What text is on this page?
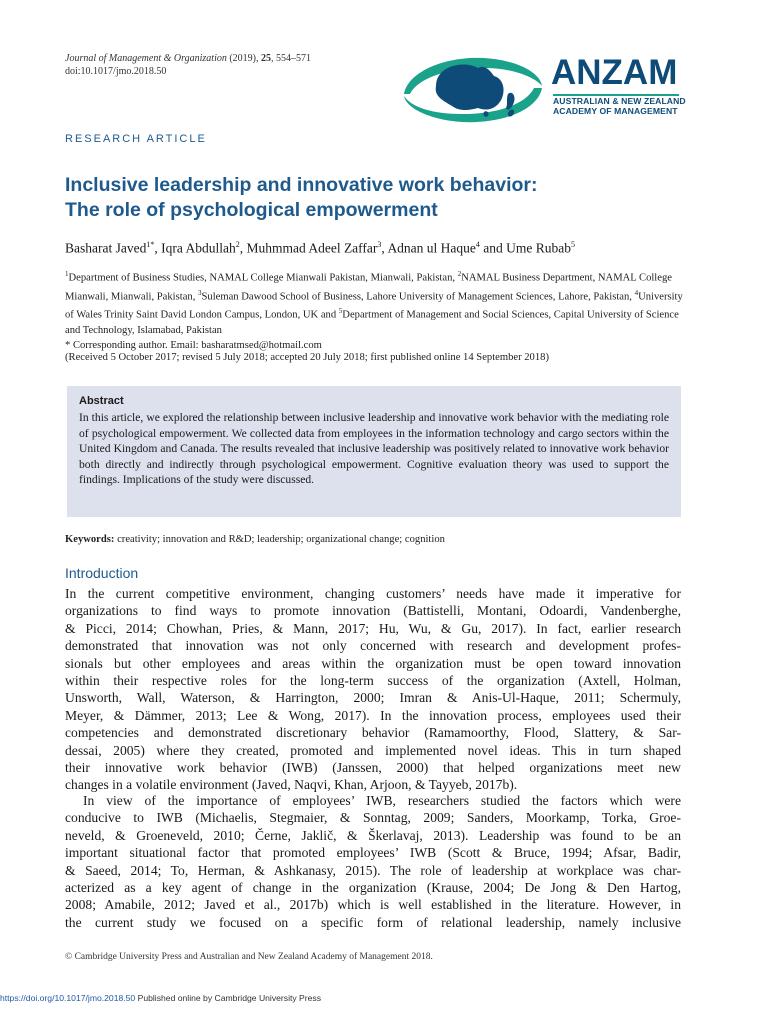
Journal of Management & Organization (2019), 25, 554–571
doi:10.1017/jmo.2018.50	ANZAM
AUSTRALIAN & NEW ZEALAND
ACADEMY OF MANAGEMENT
RESEARCH ARTICLE
Inclusive leadership and innovative work behavior:
The role of psychological empowerment
Basharat Javed$^{1*}$, Iqra Abdullah$^2$, Muhmmad Adeel Zaffar$^3$, Adnan ul Haque$^4$ and Ume Rubab$^5$
$^1$Department of Business Studies, NAMAL College Mianwali Pakistan, Mianwali, Pakistan, $^2$NAMAL Business Department, NAMAL College Mianwali, Mianwali, Pakistan, $^3$Suleman Dawood School of Business, Lahore University of Management Sciences, Lahore, Pakistan, $^4$University of Wales Trinity Saint David London Campus, London, UK and $^5$Department of Management and Social Sciences, Capital University of Science and Technology, Islamabad, Pakistan
* Corresponding author. Email: basharatmsed@hotmail.com
(Received 5 October 2017; revised 5 July 2018; accepted 20 July 2018; first published online 14 September 2018)
Abstract
In this article, we explored the relationship between inclusive leadership and innovative work behavior with the mediating role of psychological empowerment. We collected data from employees in the information technology and cargo sectors within the United Kingdom and Canada. The results revealed that inclusive leadership was positively related to innovative work behavior both directly and indirectly through psychological empowerment. Cognitive evaluation theory was used to support the findings. Implications of the study were discussed.
Keywords: creativity; innovation and R&D; leadership; organizational change; cognition
Introduction
In the current competitive environment, changing customers’ needs have made it imperative for
organizations to find ways to promote innovation (Battistelli, Montani, Odoardi, Vandenberghe,
& Picci, 2014; Chowhan, Pries, & Mann, 2017; Hu, Wu, & Gu, 2017). In fact, earlier research
demonstrated that innovation was not only concerned with research and development profes-
sionals but other employees and areas within the organization must be open toward innovation
within their respective roles for the long-term success of the organization (Axtell, Holman,
Unsworth, Wall, Waterson, & Harrington, 2000; Imran & Anis-Ul-Haque, 2011; Schermuly,
Meyer, & Dämmer, 2013; Lee & Wong, 2017). In the innovation process, employees used their
competencies and demonstrated discretionary behavior (Ramamoorthy, Flood, Slattery, & Sar-
dessai, 2005) where they created, promoted and implemented novel ideas. This in turn shaped
their innovative work behavior (IWB) (Janssen, 2000) that helped organizations meet new
changes in a volatile environment (Javed, Naqvi, Khan, Arjoon, & Tayyeb, 2017b).
In view of the importance of employees’ IWB, researchers studied the factors which were
conducive to IWB (Michaelis, Stegmaier, & Sonntag, 2009; Sanders, Moorkamp, Torka, Groe-
neveld, & Groeneveld, 2010; Černe, Jaklič, & Škerlavaj, 2013). Leadership was found to be an
important situational factor that promoted employees’ IWB (Scott & Bruce, 1994; Afsar, Badir,
& Saeed, 2014; To, Herman, & Ashkanasy, 2015). The role of leadership at workplace was char-
acterized as a key agent of change in the organization (Krause, 2004; De Jong & Den Hartog,
2008; Amabile, 2012; Javed et al., 2017b) which is well established in the literature. However, in
the current study we focused on a specific form of relational leadership, namely inclusive
© Cambridge University Press and Australian and New Zealand Academy of Management 2018.
https://doi.org/10.1017/jmo.2018.50 Published online by Cambridge University Press
